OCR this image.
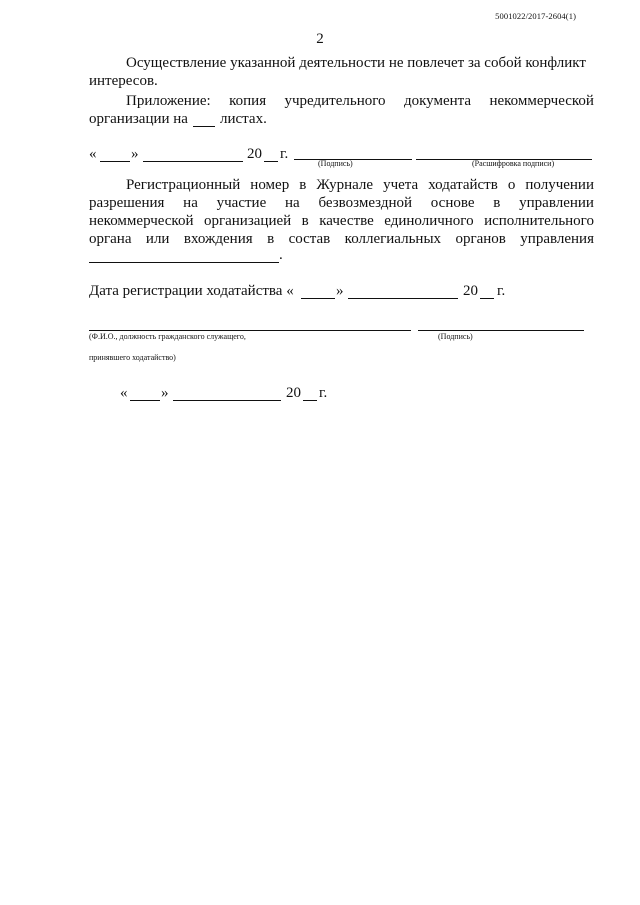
5001022/2017-2604(1)
2
Осуществление указанной деятельности не повлечет за собой конфликт
интересов.
Приложение: копия учредительного документа некоммерческой
организации на листах.
« »	20 г.
(Подпись)	(Расшифровка подписи)
Регистрационный номер в Журнале учета ходатайств о получении
разрешения на участие на безвозмездной основе в управлении
некоммерческой организацией в качестве единоличного исполнительного
органа или вхождения в состав коллегиальных органов управления
.
Дата регистрации ходатайства «	»	20 г.
(Ф.И.О., должность гражданского служащего,	(Подпись)
принявшего ходатайство)
« »	20 г.
